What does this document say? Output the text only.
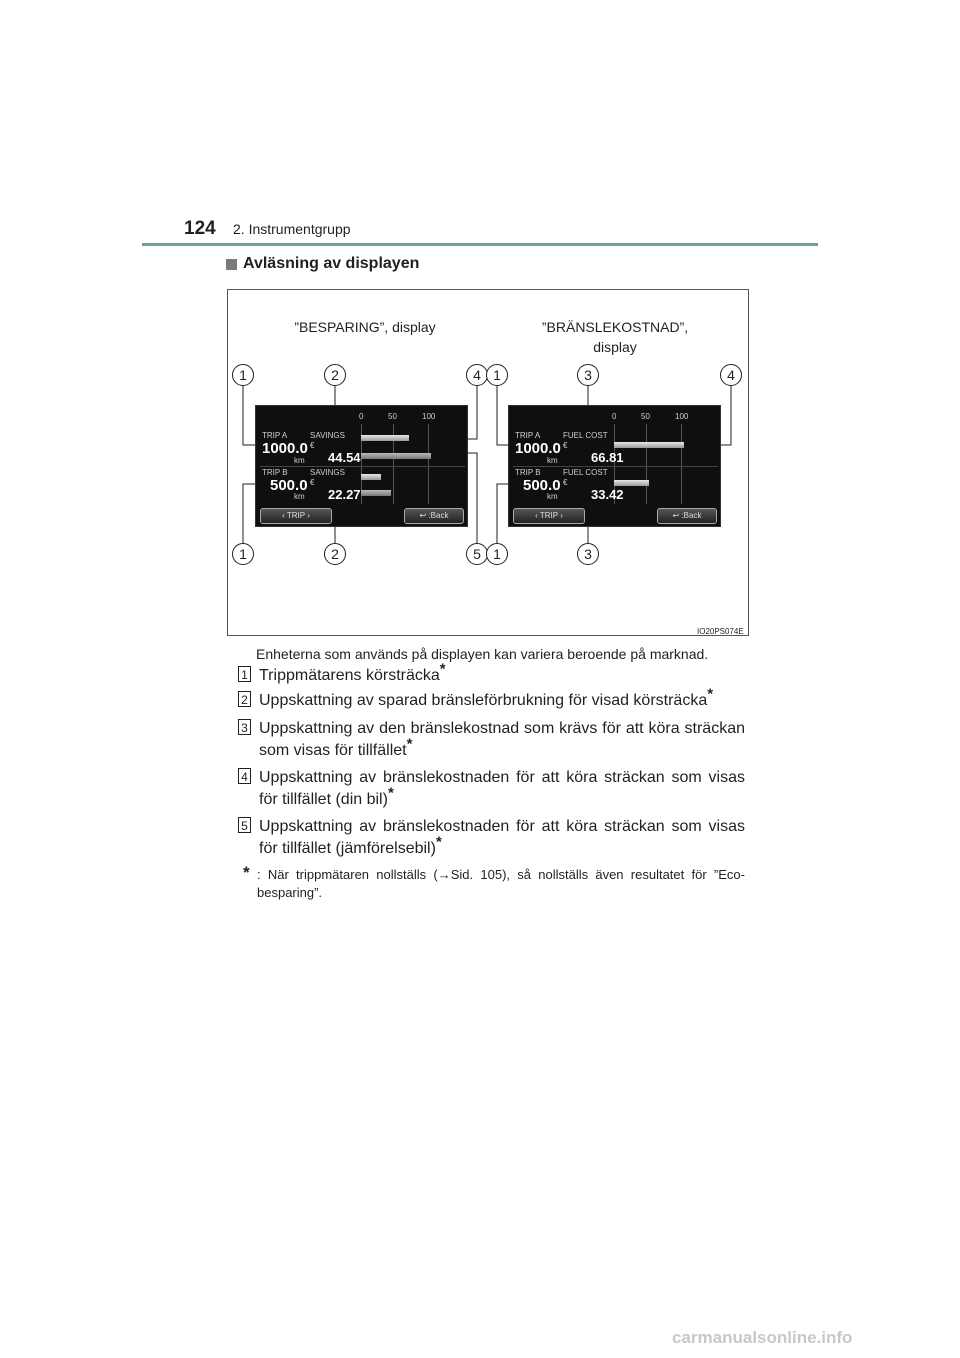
124 2. Instrumentgrupp
Avläsning av displayen
”BESPARING”, display	”BRÄNSLEKOSTNAD”,
display
1	2	4 1	3	4
1	2	5 1	3
0	50	100
TRIP A
1000.0
km
SAVINGS
€
44.54
TRIP B
500.0
km
SAVINGS
€
22.27
‹ TRIP ›	↩ :Back
0	50	100
TRIP A
1000.0
km
FUEL COST
€
66.81
TRIP B
500.0
km
FUEL COST
€
33.42
‹ TRIP ›	↩ :Back
IO20PS074E
Enheterna som används på displayen kan variera beroende på marknad.
1 Trippmätarens körsträcka*
2 Uppskattning av sparad bränsleförbrukning för visad körsträcka*
3 Uppskattning av den bränslekostnad som krävs för att köra sträckan som visas för tillfället*
4 Uppskattning av bränslekostnaden för att köra sträckan som visas för tillfället (din bil)*
5 Uppskattning av bränslekostnaden för att köra sträckan som visas för tillfället (jämförelsebil)*
* : När trippmätaren nollställs (→Sid. 105), så nollställs även resultatet för ”Eco-besparing”.
carmanualsonline.info
